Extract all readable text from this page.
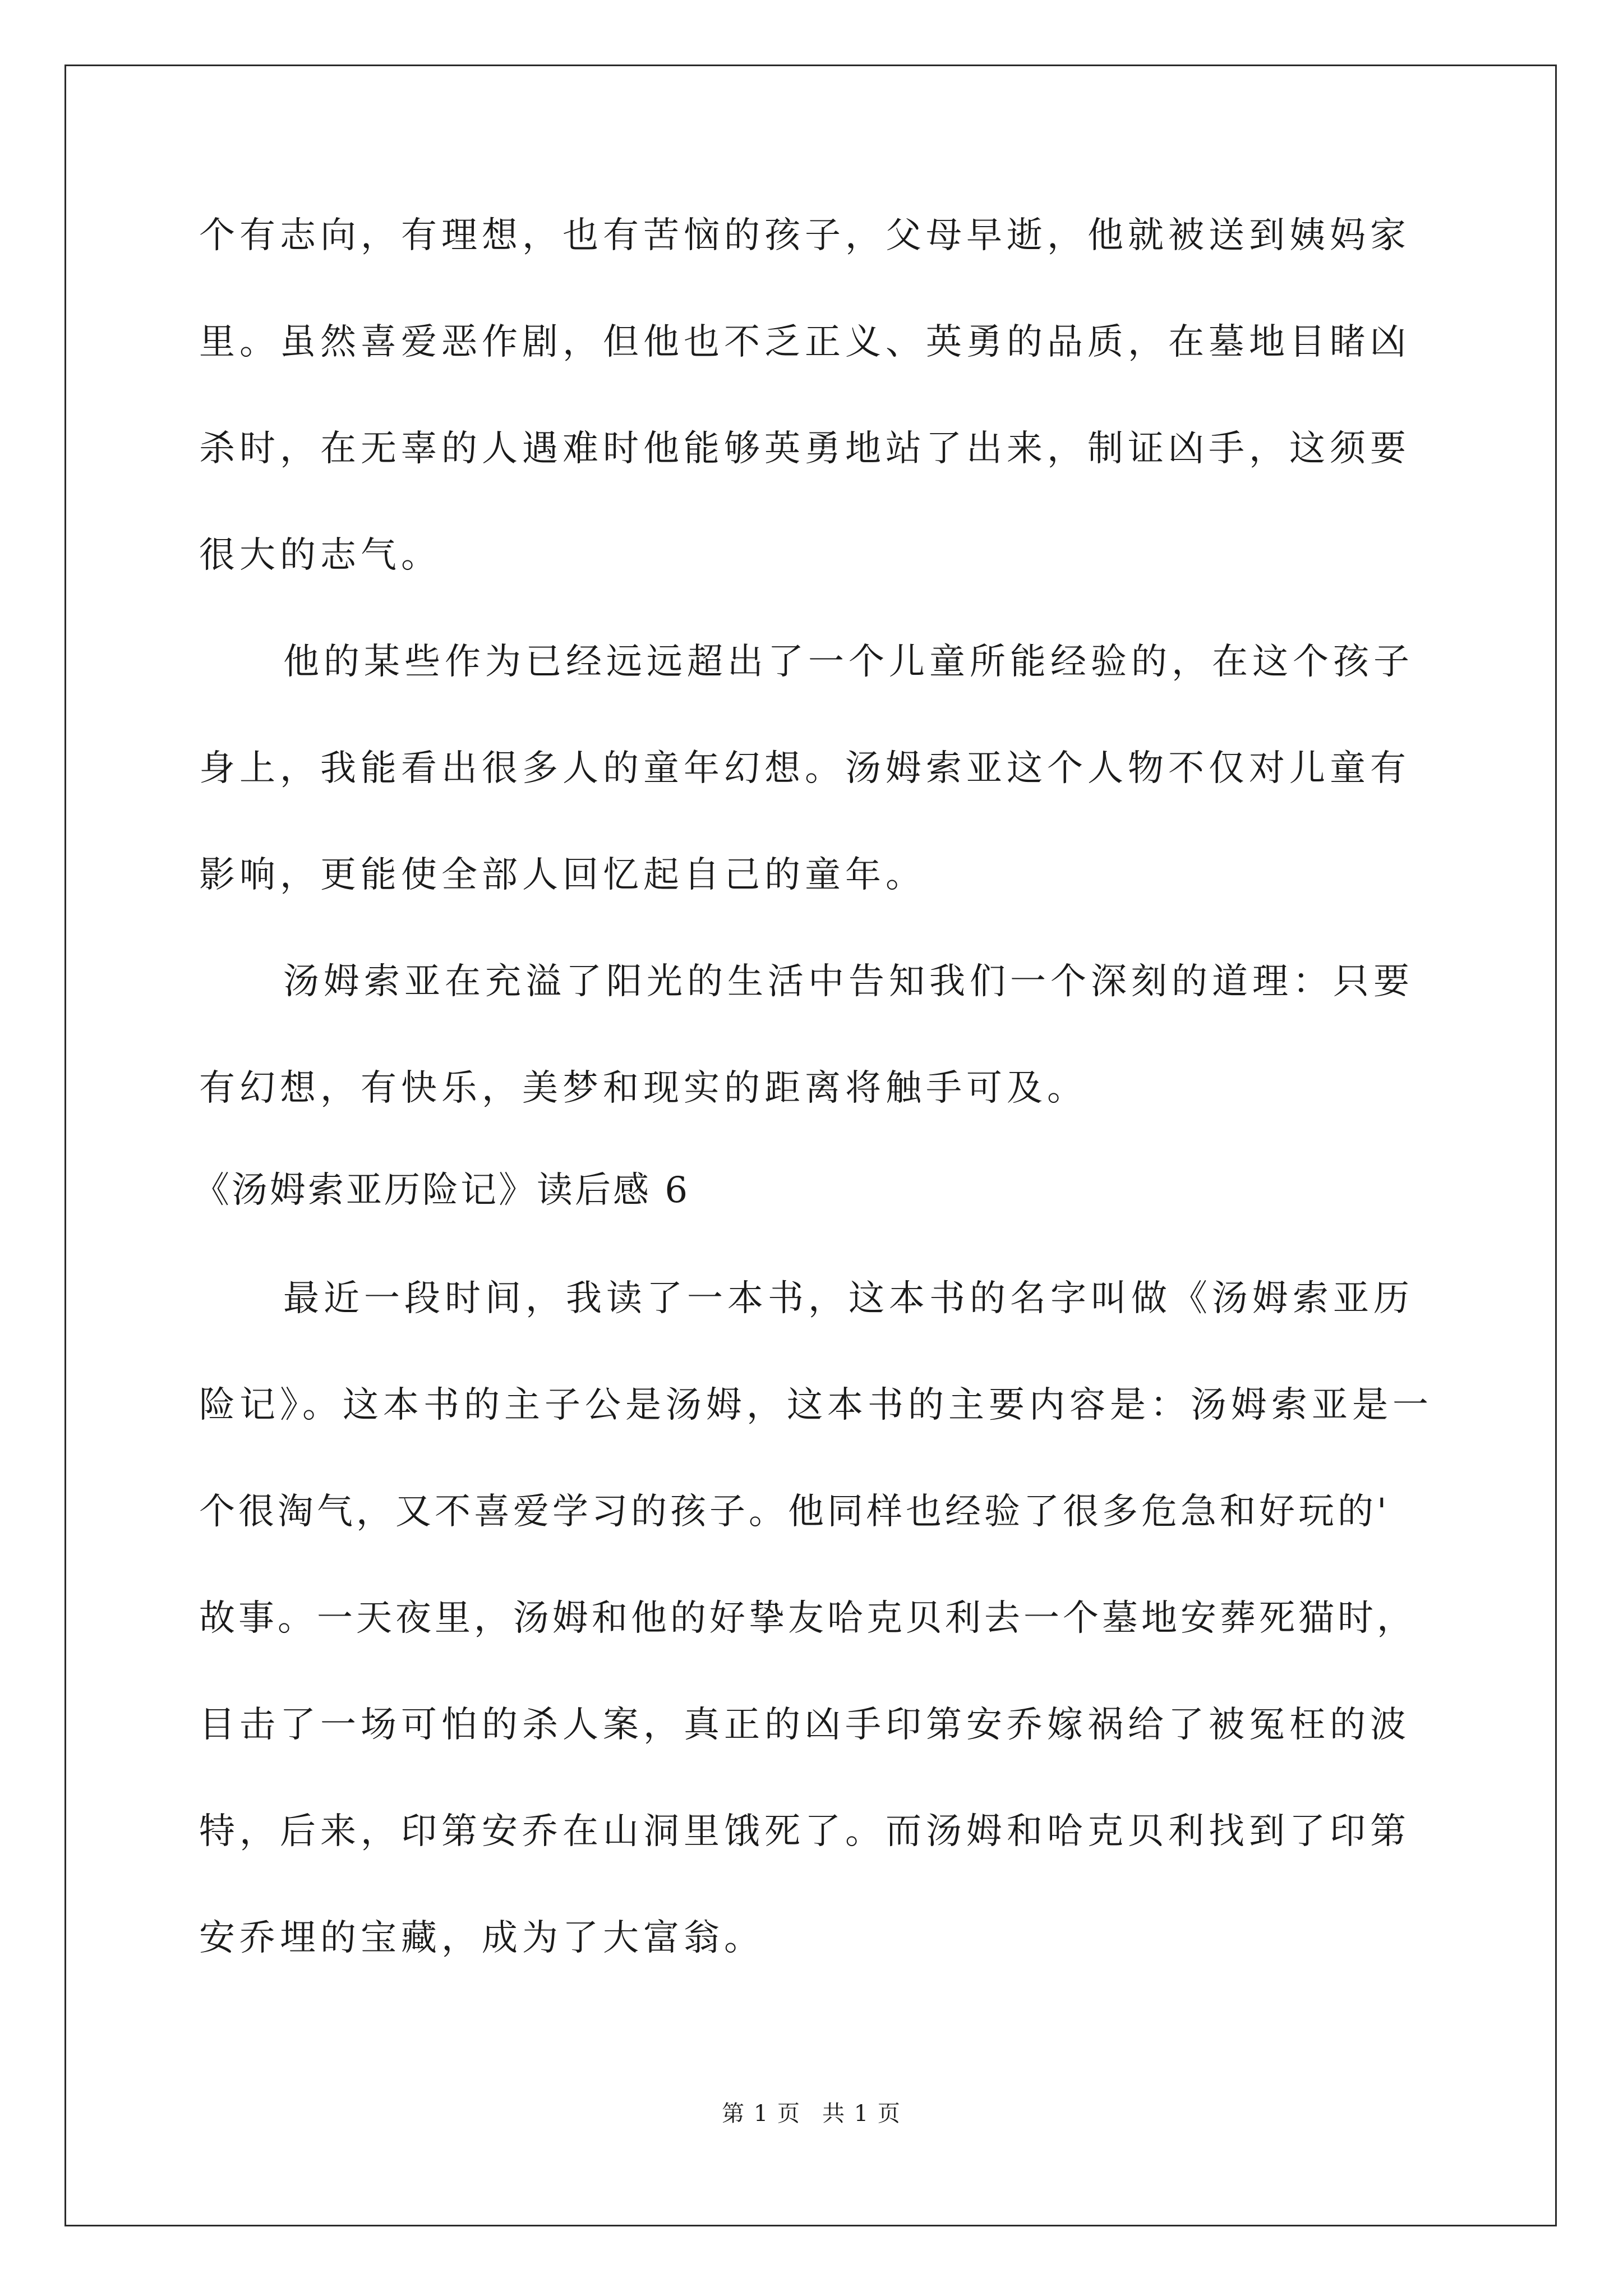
个有志向，有理想，也有苦恼的孩子，父母早逝，他就被送到姨妈家
里。虽然喜爱恶作剧，但他也不乏正义、英勇的品质，在墓地目睹凶
杀时，在无辜的人遇难时他能够英勇地站了出来，制证凶手，这须要
很大的志气。
他的某些作为已经远远超出了一个儿童所能经验的，在这个孩子
身上，我能看出很多人的童年幻想。汤姆索亚这个人物不仅对儿童有
影响，更能使全部人回忆起自己的童年。
汤姆索亚在充溢了阳光的生活中告知我们一个深刻的道理：只要
有幻想，有快乐，美梦和现实的距离将触手可及。
《汤姆索亚历险记》读后感 6
最近一段时间，我读了一本书，这本书的名字叫做《汤姆索亚历
险记》。这本书的主子公是汤姆，这本书的主要内容是：汤姆索亚是一
个很淘气，又不喜爱学习的孩子。他同样也经验了很多危急和好玩的'
故事。一天夜里，汤姆和他的好挚友哈克贝利去一个墓地安葬死猫时，
目击了一场可怕的杀人案，真正的凶手印第安乔嫁祸给了被冤枉的波
特，后来，印第安乔在山洞里饿死了。而汤姆和哈克贝利找到了印第
安乔埋的宝藏，成为了大富翁。
第 1 页 共 1 页
